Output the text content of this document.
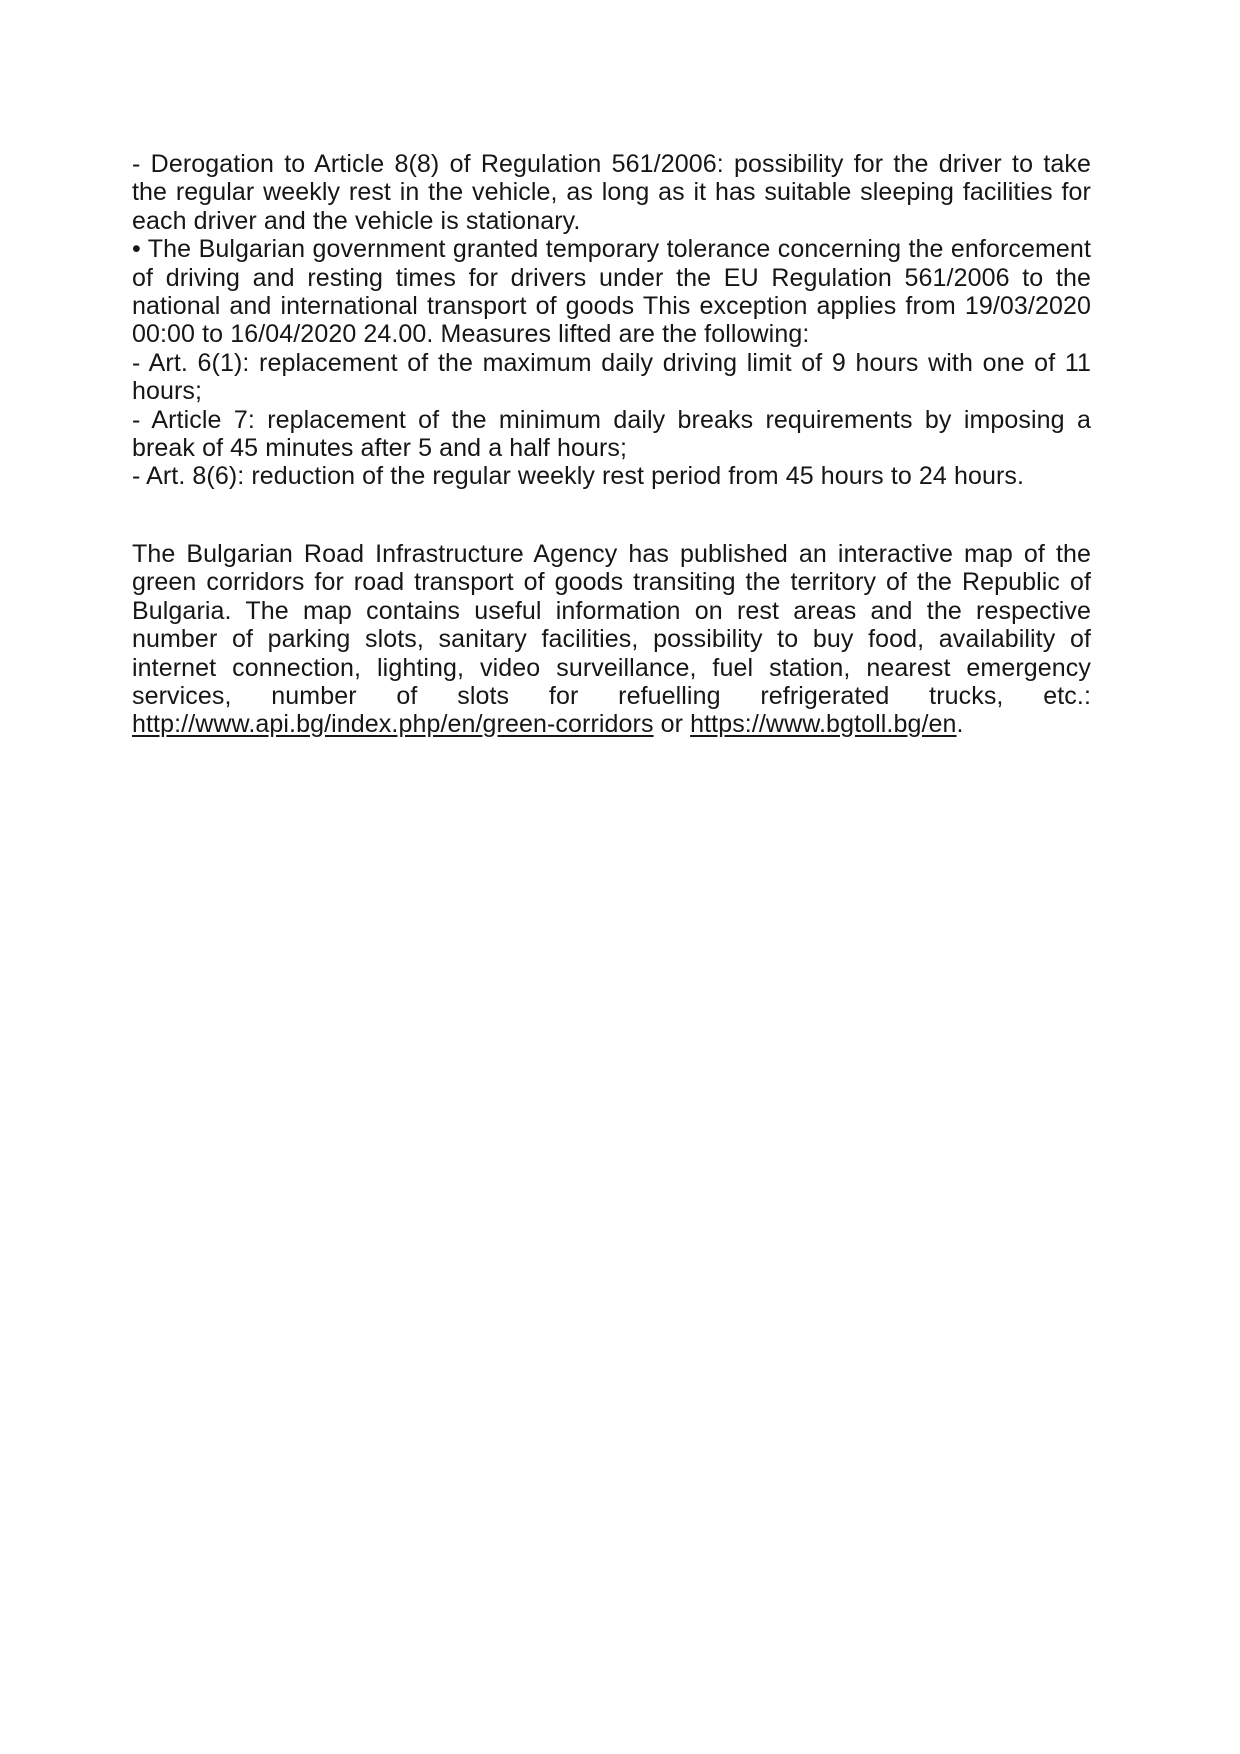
- Derogation to Article 8(8) of Regulation 561/2006: possibility for the driver to take the regular weekly rest in the vehicle, as long as it has suitable sleeping facilities for each driver and the vehicle is stationary.

• The Bulgarian government granted temporary tolerance concerning the enforcement of driving and resting times for drivers under the EU Regulation 561/2006 to the national and international transport of goods This exception applies from 19/03/2020 00:00 to 16/04/2020 24.00. Measures lifted are the following:

- Art. 6(1): replacement of the maximum daily driving limit of 9 hours with one of 11 hours;

- Article 7: replacement of the minimum daily breaks requirements by imposing a break of 45 minutes after 5 and a half hours;

- Art. 8(6): reduction of the regular weekly rest period from 45 hours to 24 hours.

The Bulgarian Road Infrastructure Agency has published an interactive map of the green corridors for road transport of goods transiting the territory of the Republic of Bulgaria. The map contains useful information on rest areas and the respective number of parking slots, sanitary facilities, possibility to buy food, availability of internet connection, lighting, video surveillance, fuel station, nearest emergency services, number of slots for refuelling refrigerated trucks, etc.: http://www.api.bg/index.php/en/green-corridors or https://www.bgtoll.bg/en.
